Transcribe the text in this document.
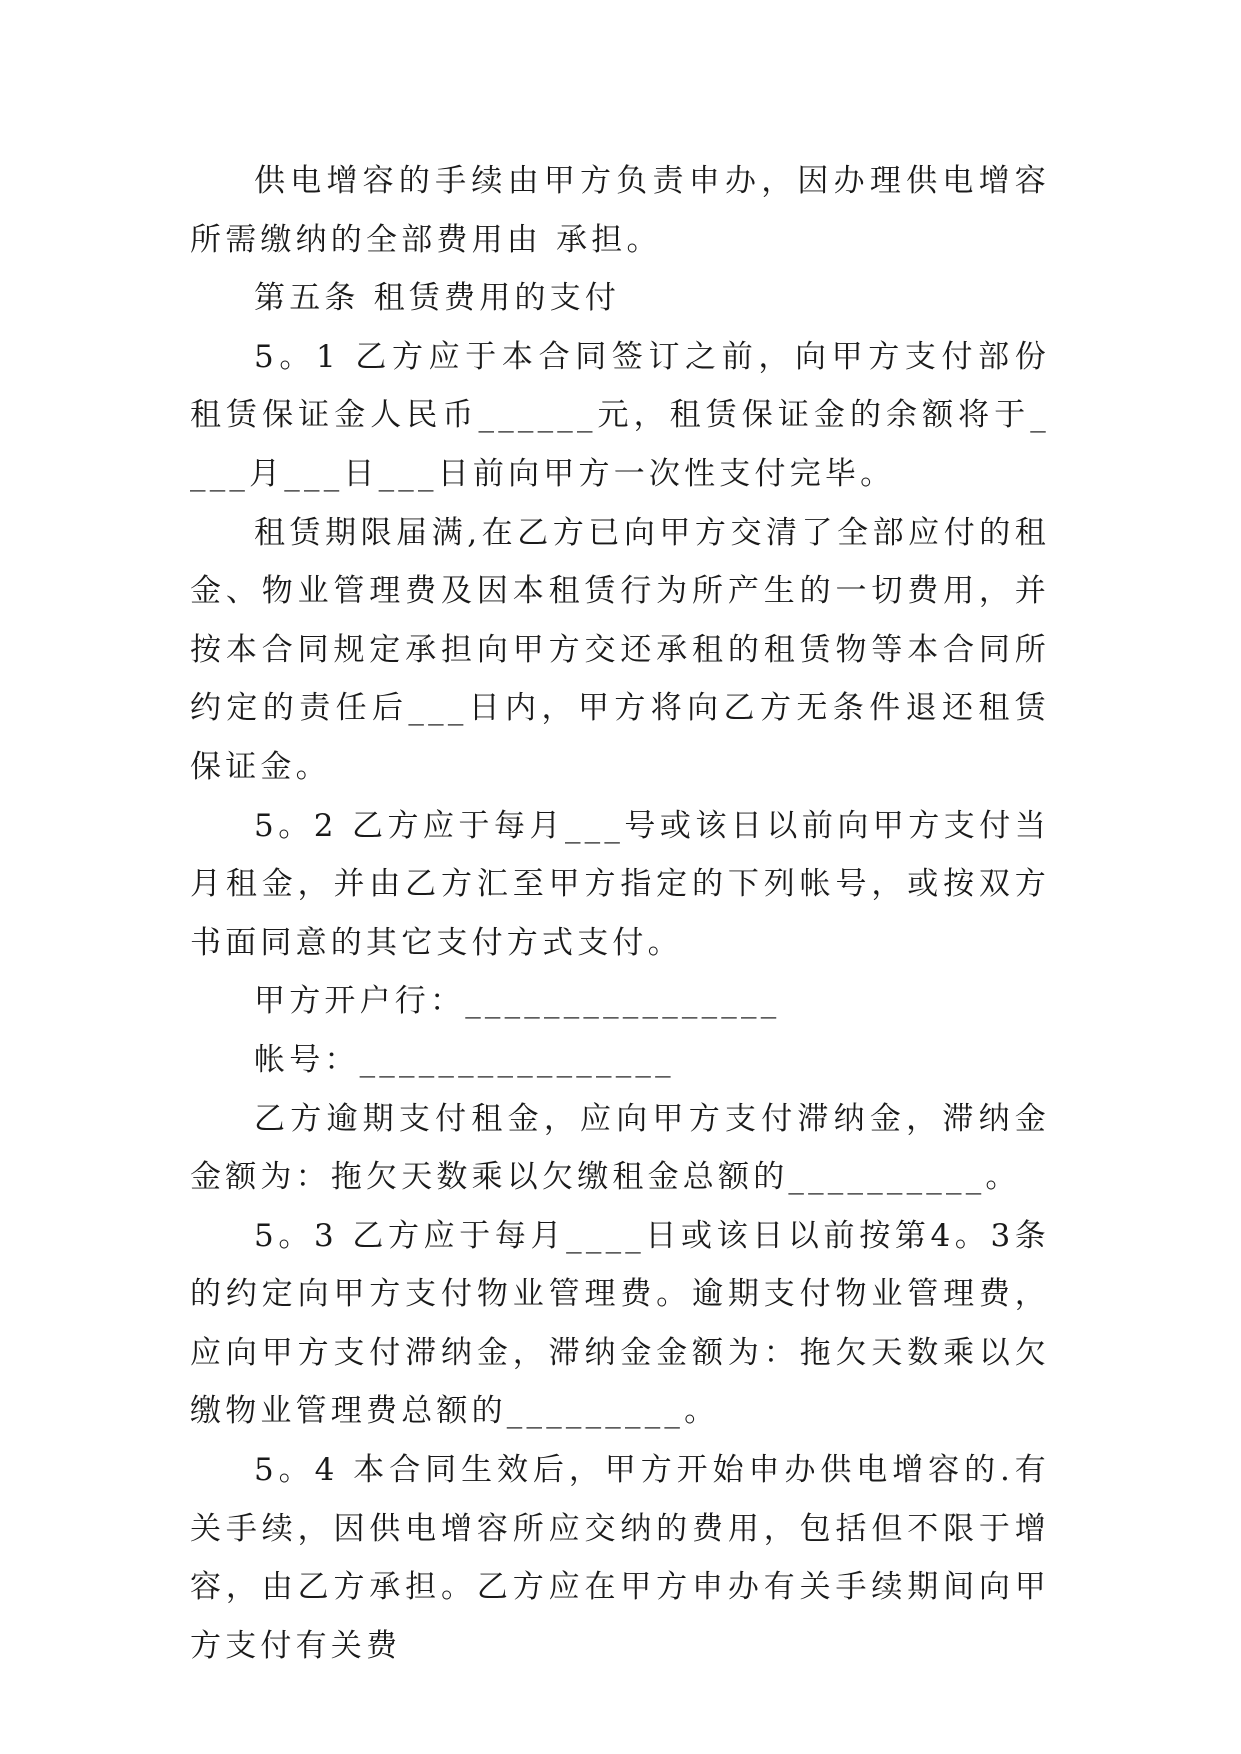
供电增容的手续由甲方负责申办，因办理供电增容所需缴纳的全部费用由 承担。

第五条 租赁费用的支付

5。1 乙方应于本合同签订之前，向甲方支付部份租赁保证金人民币______元，租赁保证金的余额将于____月___日___日前向甲方一次性支付完毕。

租赁期限届满,在乙方已向甲方交清了全部应付的租金、物业管理费及因本租赁行为所产生的一切费用，并按本合同规定承担向甲方交还承租的租赁物等本合同所约定的责任后___日内，甲方将向乙方无条件退还租赁保证金。

5。2 乙方应于每月___号或该日以前向甲方支付当月租金，并由乙方汇至甲方指定的下列帐号，或按双方书面同意的其它支付方式支付。

甲方开户行：________________

帐号：________________

乙方逾期支付租金，应向甲方支付滞纳金，滞纳金金额为：拖欠天数乘以欠缴租金总额的__________。

5。3 乙方应于每月____日或该日以前按第4。3条的约定向甲方支付物业管理费。逾期支付物业管理费，应向甲方支付滞纳金，滞纳金金额为：拖欠天数乘以欠缴物业管理费总额的_________。

5。4 本合同生效后，甲方开始申办供电增容的.有关手续，因供电增容所应交纳的费用，包括但不限于增容，由乙方承担。乙方应在甲方申办有关手续期间向甲方支付有关费
